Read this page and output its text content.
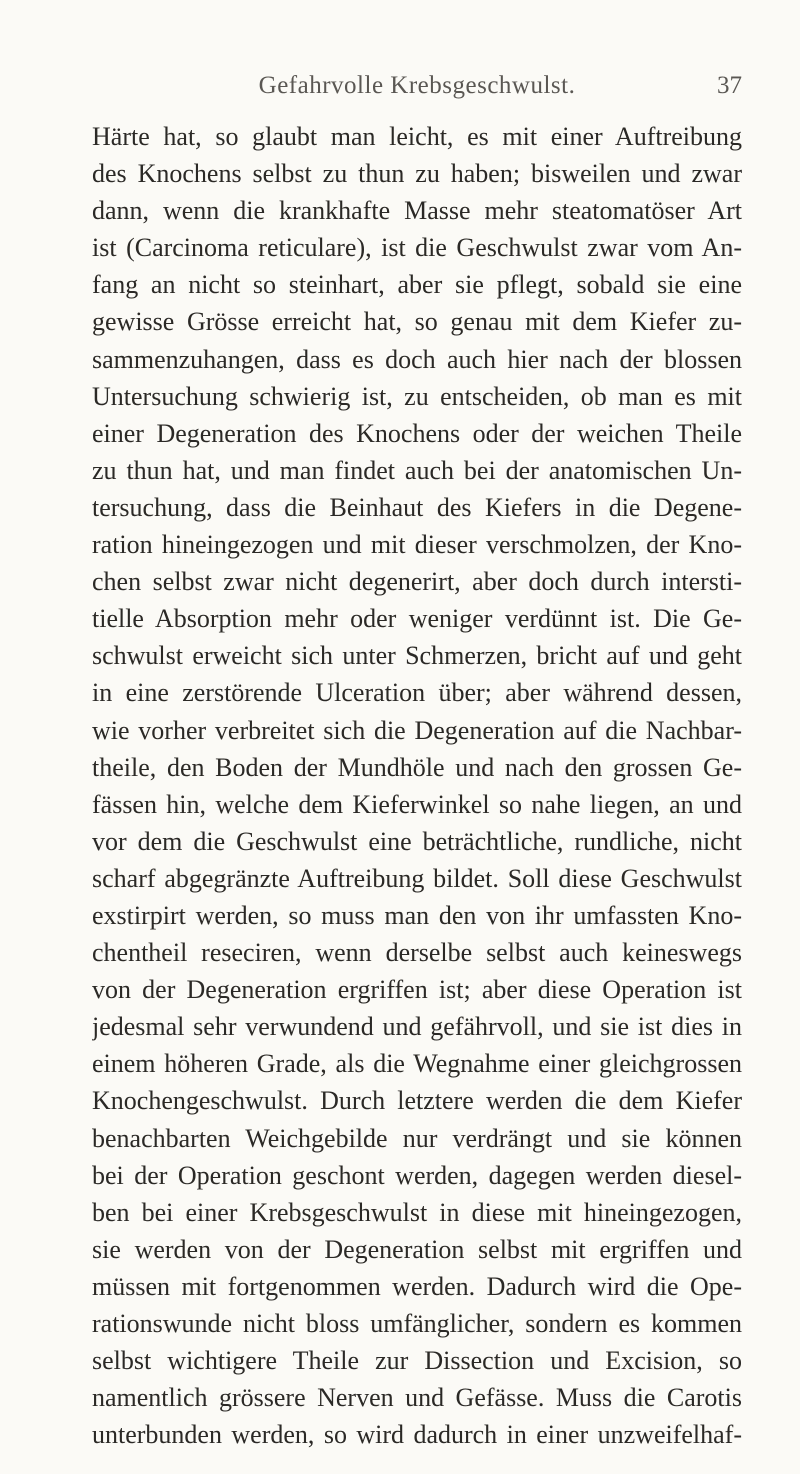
Gefahrvolle Krebsgeschwulst.	37
Härte hat, so glaubt man leicht, es mit einer Auftreibung
des Knochens selbst zu thun zu haben; bisweilen und zwar
dann, wenn die krankhafte Masse mehr steatomatöser Art
ist (Carcinoma reticulare), ist die Geschwulst zwar vom An-
fang an nicht so steinhart, aber sie pflegt, sobald sie eine
gewisse Grösse erreicht hat, so genau mit dem Kiefer zu-
sammenzuhangen, dass es doch auch hier nach der blossen
Untersuchung schwierig ist, zu entscheiden, ob man es mit
einer Degeneration des Knochens oder der weichen Theile
zu thun hat, und man findet auch bei der anatomischen Un-
tersuchung, dass die Beinhaut des Kiefers in die Degene-
ration hineingezogen und mit dieser verschmolzen, der Kno-
chen selbst zwar nicht degenerirt, aber doch durch intersti-
tielle Absorption mehr oder weniger verdünnt ist. Die Ge-
schwulst erweicht sich unter Schmerzen, bricht auf und geht
in eine zerstörende Ulceration über; aber während dessen,
wie vorher verbreitet sich die Degeneration auf die Nachbar-
theile, den Boden der Mundhöle und nach den grossen Ge-
fässen hin, welche dem Kieferwinkel so nahe liegen, an und
vor dem die Geschwulst eine beträchtliche, rundliche, nicht
scharf abgegränzte Auftreibung bildet. Soll diese Geschwulst
exstirpirt werden, so muss man den von ihr umfassten Kno-
chentheil reseciren, wenn derselbe selbst auch keineswegs
von der Degeneration ergriffen ist; aber diese Operation ist
jedesmal sehr verwundend und gefährvoll, und sie ist dies in
einem höheren Grade, als die Wegnahme einer gleichgrossen
Knochengeschwulst. Durch letztere werden die dem Kiefer
benachbarten Weichgebilde nur verdrängt und sie können
bei der Operation geschont werden, dagegen werden diesel-
ben bei einer Krebsgeschwulst in diese mit hineingezogen,
sie werden von der Degeneration selbst mit ergriffen und
müssen mit fortgenommen werden. Dadurch wird die Ope-
rationswunde nicht bloss umfänglicher, sondern es kommen
selbst wichtigere Theile zur Dissection und Excision, so
namentlich grössere Nerven und Gefässe. Muss die Carotis
unterbunden werden, so wird dadurch in einer unzweifelhaf-
